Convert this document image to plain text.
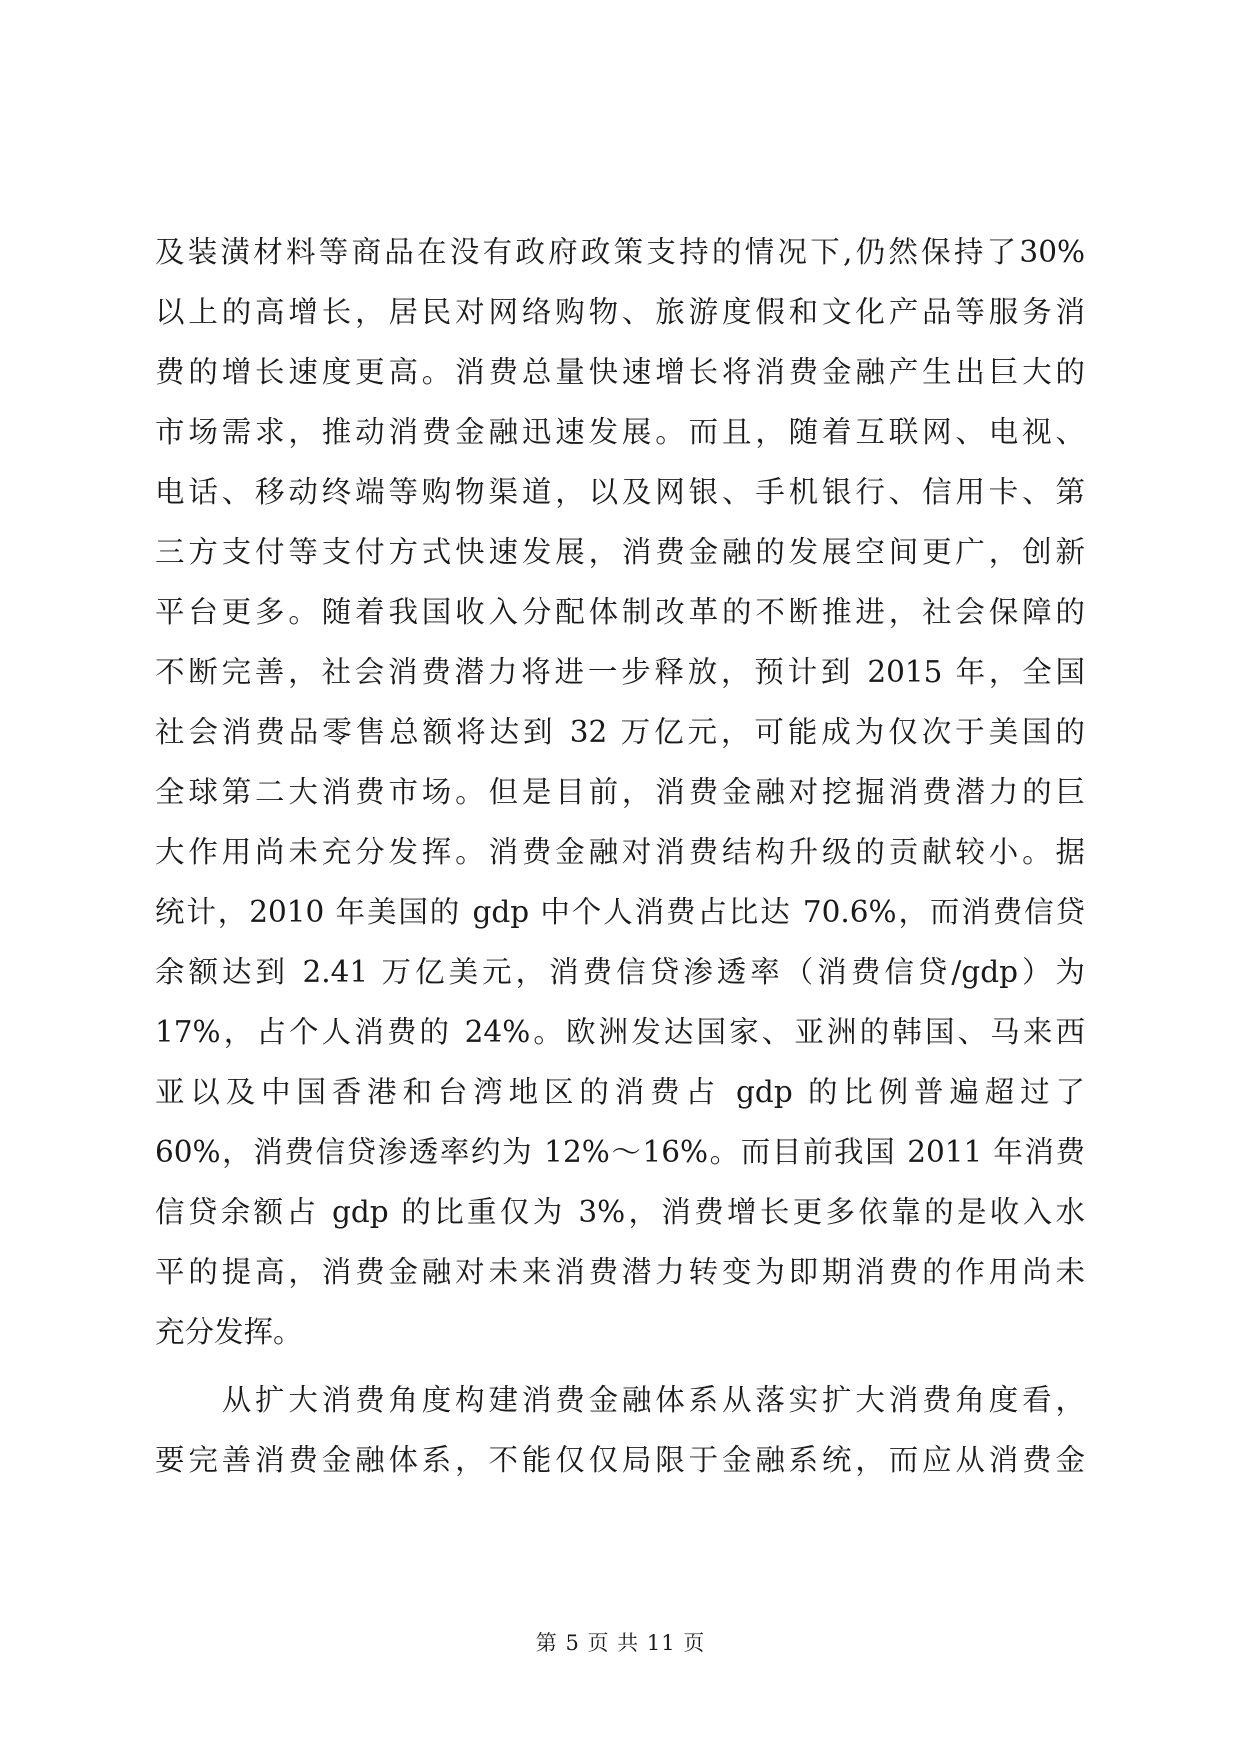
及装潢材料等商品在没有政府政策支持的情况下,仍然保持了30%
以上的高增长，居民对网络购物、旅游度假和文化产品等服务消
费的增长速度更高。消费总量快速增长将消费金融产生出巨大的
市场需求，推动消费金融迅速发展。而且，随着互联网、电视、
电话、移动终端等购物渠道，以及网银、手机银行、信用卡、第
三方支付等支付方式快速发展，消费金融的发展空间更广，创新
平台更多。随着我国收入分配体制改革的不断推进，社会保障的
不断完善，社会消费潜力将进一步释放，预计到 2015 年，全国
社会消费品零售总额将达到 32 万亿元，可能成为仅次于美国的
全球第二大消费市场。但是目前，消费金融对挖掘消费潜力的巨
大作用尚未充分发挥。消费金融对消费结构升级的贡献较小。据
统计，2010 年美国的 gdp 中个人消费占比达 70.6%，而消费信贷
余额达到 2.41 万亿美元，消费信贷渗透率（消费信贷/gdp）为
17%，占个人消费的 24%。欧洲发达国家、亚洲的韩国、马来西
亚以及中国香港和台湾地区的消费占 gdp 的比例普遍超过了
60%，消费信贷渗透率约为 12%～16%。而目前我国 2011 年消费
信贷余额占 gdp 的比重仅为 3%，消费增长更多依靠的是收入水
平的提高，消费金融对未来消费潜力转变为即期消费的作用尚未
充分发挥。
　　从扩大消费角度构建消费金融体系从落实扩大消费角度看，
要完善消费金融体系，不能仅仅局限于金融系统，而应从消费金
第 5 页 共 11 页
